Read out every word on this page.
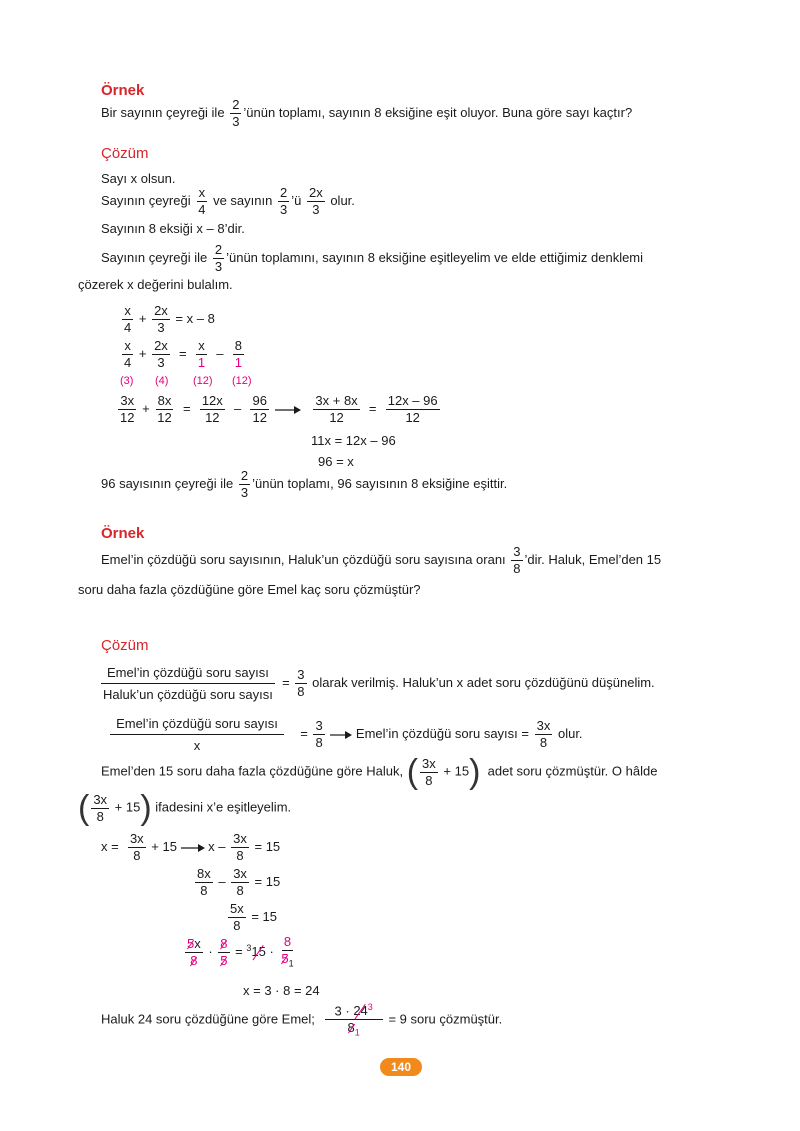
Örnek
Bir sayının çeyreği ile $\frac{2}{3}$ ’ünün toplamı, sayının 8 eksiğine eşit oluyor. Buna göre sayı kaçtır?
Çözüm
Sayı x olsun.
Sayının çeyreği $\frac{x}{4}$ ve sayının $\frac{2}{3}$ ’ü $\frac{2x}{3}$ olur.
Sayının 8 eksiği x – 8’dir.
Sayının çeyreği ile $\frac{2}{3}$ ’ünün toplamını, sayının 8 eksiğine eşitleyelim ve elde ettiğimiz denklemi
çözerek x değerini bulalım.
$\frac{x}{4} + \frac{2x}{3} = x - 8$
$\frac{x}{4} + \frac{2x}{3} = \frac{x}{1} - \frac{8}{1}$
(3) (4) (12) (12)
$\frac{3x}{12} + \frac{8x}{12} = \frac{12x}{12} - \frac{96}{12}$
	$\frac{3x + 8x}{12} = \frac{12x - 96}{12}$
11x = 12x – 96
96 = x
96 sayısının çeyreği ile $\frac{2}{3}$ ’ünün toplamı, 96 sayısının 8 eksiğine eşittir.
Örnek
Emel’in çözdüğü soru sayısının, Haluk’un çözdüğü soru sayısına oranı $\frac{3}{8}$ ’dir. Haluk, Emel’den 15
soru daha fazla çözdüğüne göre Emel kaç soru çözmüştür?
Çözüm
Emel’in çözdüğü soru sayısı
Haluk’un çözdüğü soru sayısı
= $\frac{3}{8}$ olarak verilmiş. Haluk’un x adet soru çözdüğünü düşünelim.
Emel’in çözdüğü soru sayısı
x
= $\frac{3}{8}$ Emel’in çözdüğü soru sayısı = $\frac{3x}{8}$ olur.
Emel’den 15 soru daha fazla çözdüğüne göre Haluk, ( $\frac{3x}{8} + 15$) adet soru çözmüştür. O hâlde
( $\frac{3x}{8} + 15$) ifadesini x’e eşitleyelim.
$x = \frac{3x}{8} + 15$  $x - \frac{3x}{8} = 15$
$\frac{8x}{8} - \frac{3x}{8} = 15$
$\frac{5x}{8} = 15$
$\frac{5x}{8} \cdot \frac{8}{5} = ^315 \cdot \frac{8}{5_1}$
x = 3 · 8 = 24
Haluk 24 soru çözdüğüne göre Emel; $\frac{3 \cdot 24^3}{8_1} = 9$ soru çözmüştür.
140
